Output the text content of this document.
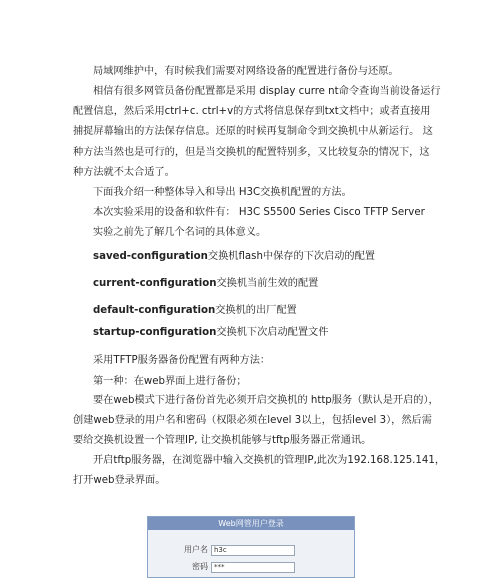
局域网维护中，有时候我们需要对网络设备的配置进行备份与还原。
相信有很多网管员备份配置都是采用 display curre nt命令查询当前设备运行
配置信息，然后采用ctrl+c. ctrl+v的方式将信息保存到txt文档中；或者直接用
捕捉屏幕输出的方法保存信息。还原的时候再复制命令到交换机中从新运行。 这
种方法当然也是可行的，但是当交换机的配置特别多，又比较复杂的情况下，这
种方法就不太合适了。
下面我介绍一种整体导入和导出 H3C交换机配置的方法。
本次实验采用的设备和软件有： H3C S5500 Series Cisco TFTP Server
实验之前先了解几个名词的具体意义。
saved-configuration交换机flash中保存的下次启动的配置
current-configuration交换机当前生效的配置
default-configuration交换机的出厂配置
startup-configuration交换机下次启动配置文件
采用TFTP服务器备份配置有两种方法：
第一种：在web界面上进行备份；
要在web模式下进行备份首先必须开启交换机的 http服务（默认是开启的），
创建web登录的用户名和密码（权限必须在level 3以上，包括level 3），然后需
要给交换机设置一个管理IP, 让交换机能够与tftp服务器正常通讯。
开启tftp服务器，在浏览器中输入交换机的管理IP,此次为192.168.125.141，
打开web登录界面。
Web网管用户登录
用户名 h3c
密码 ***
